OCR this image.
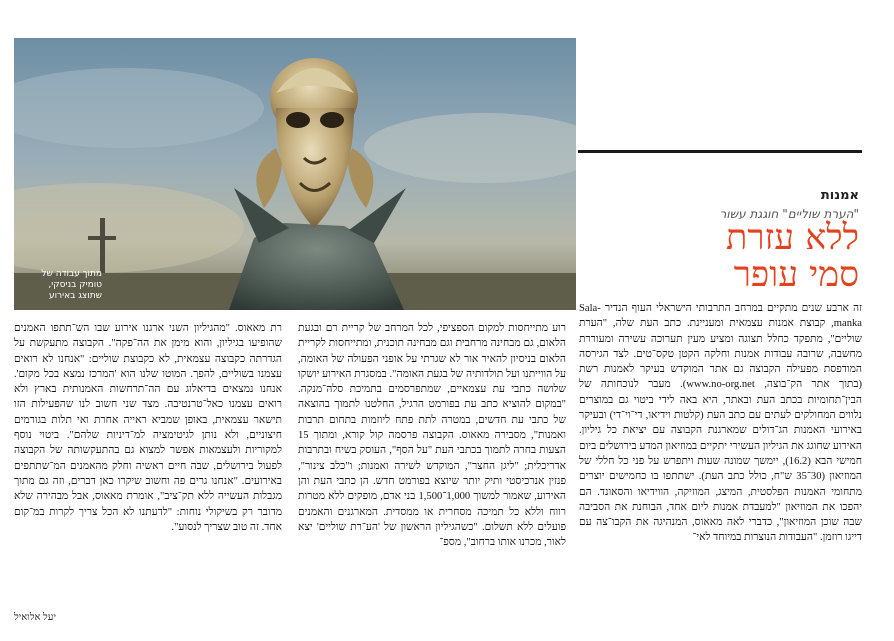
מתוך עבודה של טומיק בניסקי, שתוצג באירוע
אמנות
"הערת שוליים" חוגגת עשור
ללא עזרת
סמי עופר

זה ארבע שנים מתקיים במרחב התרבותי הישראלי העוף הנדיר Sala-manka, קבוצת אמנות עצמאית ומעניינת. כתב העת שלה, "הערת שוליים", מתפקד כחלל תצוגה ומציע מעין תערוכה עשירה ומעוררת מחשבה, שרובה עבודות אמנות וחלקה הקטן טקס־טים. לצד הגירסה המודפסת מפעילה הקבוצה גם אתר המוקדש בעיקר לאמנות רשת (בתוך אתר הק־בוצה, www.no-org.net). מעבר לנוכחותה של הבין־תחומיות בכתב העת ובאתר, היא באה לידי ביטוי גם במוצרים נלווים המחולקים לעתים עם כתב העת (קלטות וידיאו, די־וי־די) ובעיקר באירועי האמנות הג־דולים שמארגנת הקבוצה עם יציאת כל גיליון. האירוע שחוגג את הגיליון העשירי יתקיים במוזיאון המדע בירושלים ביום חמישי הבא (16.2), יימשך שמונה שעות ויתפרש על פני כל חללי של המוזיאון (30־35 ש"ח, כולל כתב העת). ישתתפו בו כחמישים יוצרים מתחומי האמנות הפלסטית, המיצג, המוזיקה, הווידיאו והסאונד. הם יהפכו את המוזיאון "למעבדת אמנות ליום אחד, הבוחנת את הסביבה שבה שוכן המוזיאון", כדברי לאה מאאוס, המנהיגה את הקבו־צה עם דייגו רוזמן. "העבודות הנוצרות במיוחד לאי־

רוע מתייחסות למקום הספציפי, לכל המרחב של קריית רם ובגעת הלאום, גם מבחינה מרחבית וגם מבחינה תוכנית, ומתייחסות לקריית הלאום בניסיון להאיר אור לא שגרתי על אופני הפעולה של האומה, על הווייתנו ועל תולדותיה של בגעת האומה". במסגרת האירוע יושקו שלושה כתבי עת עצמאיים, שמתפרסמים בתמיכת סלה־מנקה. "במקום להוציא כתב עת בפורמט הרגיל, החלטנו לתמוך בהוצאה של כתבי עת חדשים, במטרה לתת פתח ליוזמות בתחום תרבות ואמנות", מסבירה מאאוס. הקבוצה פרסמה קול קורא, ומתוך 15 הצעות בחרה לתמוך בכתבי העת "על הסף", העוסק בשיח ובתרבות אדריכלית; "ליגן החצר", המוקדש לשירה ואמנות; ו"כלב צינור", פנזין אנרכיסטי ותיק יותר שיוצא בפורמט חדש. הן כתבי העת והן האירוע, שאמור למשוך 1,000־1,500 בני אדם, מופקים ללא מטרות רווח וללא כל תמיכה מסחרית או ממסדית. המארגנים והאמנים פועלים ללא תשלום. "כשהגיליון הראשון של 'הע־רת שוליים' יצא לאור, מכרנו אותו ברחוב", מספ־

רת מאאוס. "מהגיליון השני ארגנו אירוע שבו הש־תתפו האמנים שהופיעו בגיליון, והוא מימן את הה־פקה". הקבוצה מתעקשת על הגדרתה כקבוצה עצמאית, לא כקבוצת שוליים: "אנחנו לא רואים עצמנו בשוליים, להפך. המוטו שלנו הוא 'המרכז נמצא בכל מקום'. אנחנו נמצאים בדיאלוג עם הה־תרחשות האמנותית בארץ ולא רואים עצמנו כאל־טרנטיבה. מצד שני חשוב לנו שהפעילות הזו תישאר עצמאית, באופן שמביא ראייה אחרת ואי תלות בגורמים חיצוניים, ולא נותן לגיטימציה למ־דיניות שלהם". ביטוי נוסף למקוריות ולעצמאות אפשר למצוא גם בהתעקשותה של הקבוצה לפעול בירושלים, שבה חיים ראשיה וחלק מהאמנים המ־שתתפים באירועים. "אנחנו גרים פה וחשוב שיקרו כאן דברים, וזה גם מתוך מגבלות העשייה ללא תק־ציב", אומרת מאאוס, אבל מבהירה שלא מדובר רק בשיקולי נוחות: "לדעתנו לא הכל צריך לקרות במ־קום אחד. זה טוב שצריך לנסוע".

יעל אלואיל
